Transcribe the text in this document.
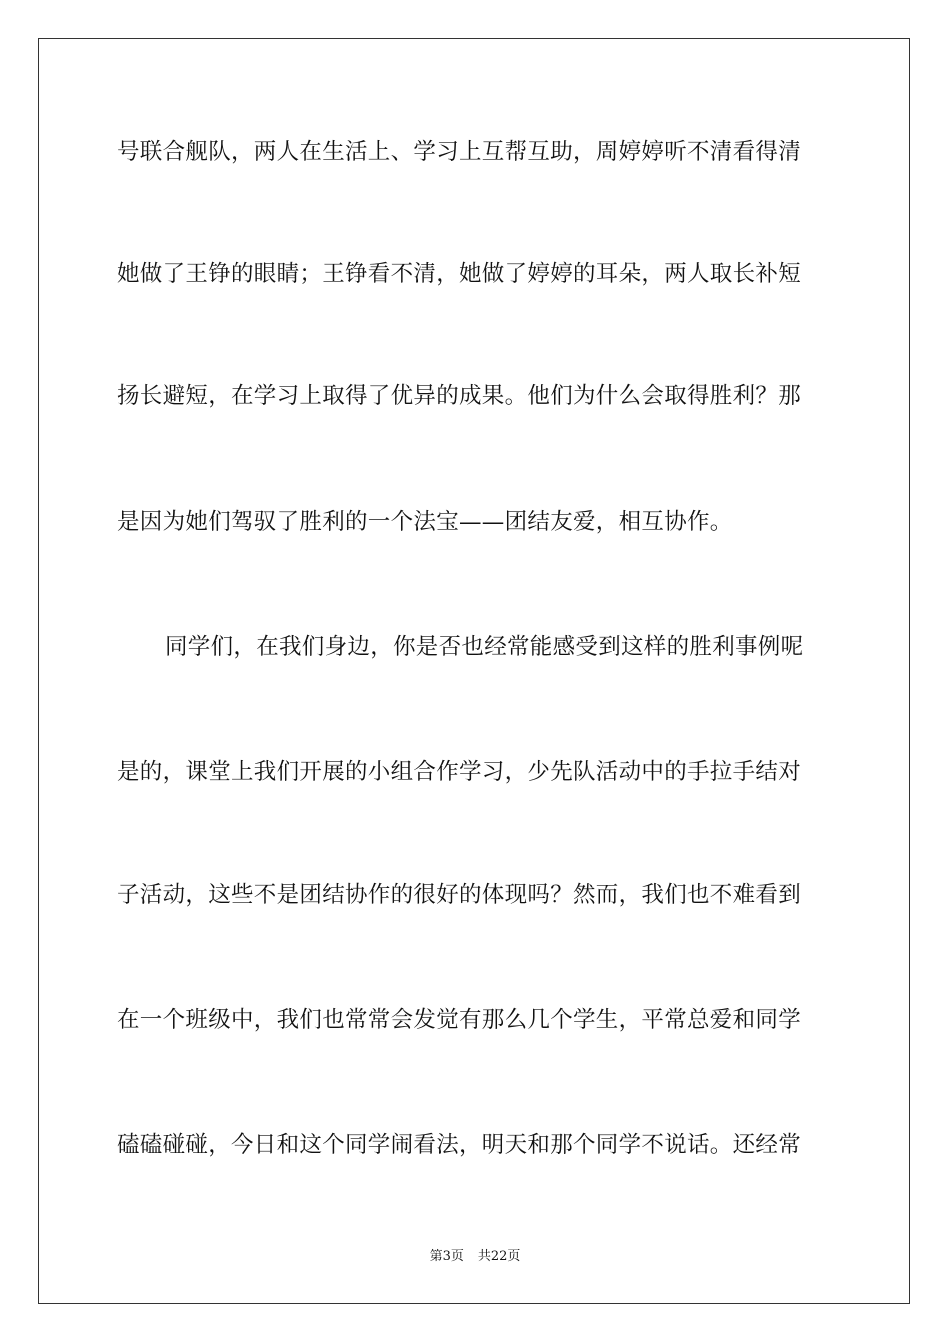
号联合舰队，两人在生活上、学习上互帮互助，周婷婷听不清看得清
她做了王铮的眼睛；王铮看不清，她做了婷婷的耳朵，两人取长补短
扬长避短，在学习上取得了优异的成果。他们为什么会取得胜利？那
是因为她们驾驭了胜利的一个法宝——团结友爱，相互协作。
同学们，在我们身边，你是否也经常能感受到这样的胜利事例呢
是的，课堂上我们开展的小组合作学习，少先队活动中的手拉手结对
子活动，这些不是团结协作的很好的体现吗？然而，我们也不难看到
在一个班级中，我们也常常会发觉有那么几个学生，平常总爱和同学
磕磕碰碰，今日和这个同学闹看法，明天和那个同学不说话。还经常
第3页 共22页
